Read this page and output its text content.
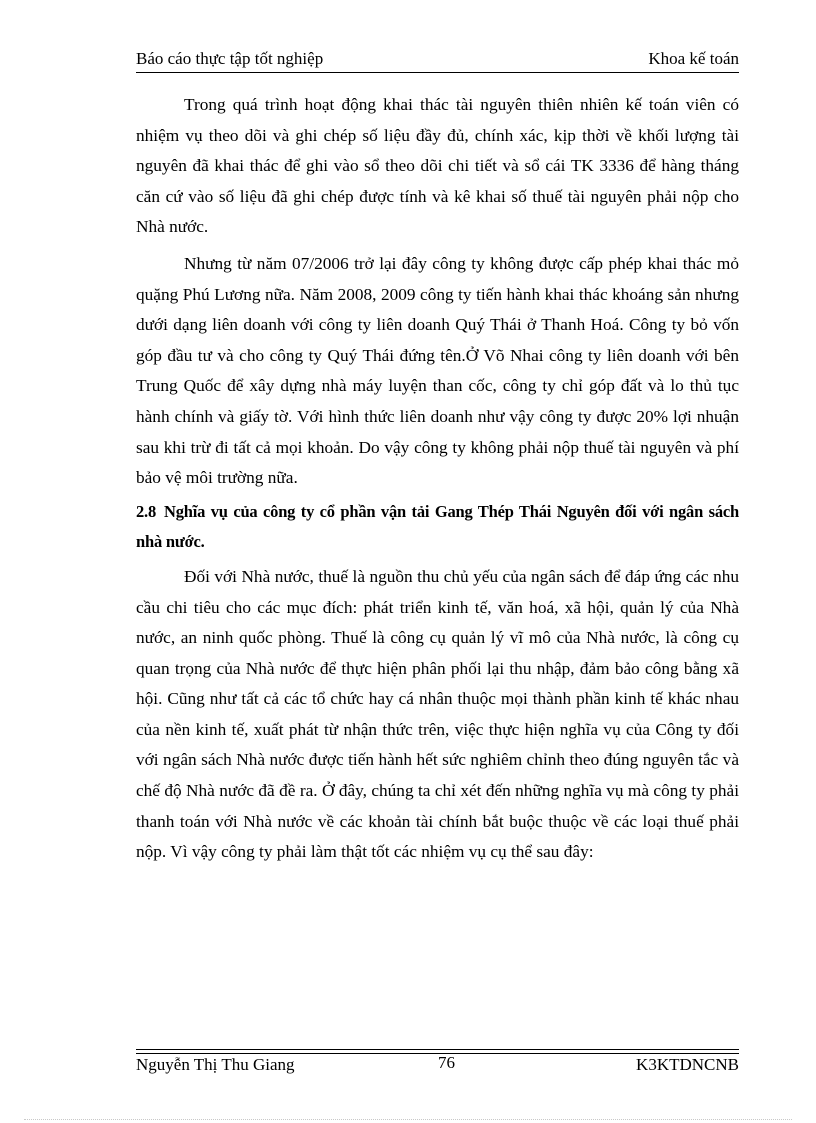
Báo cáo thực tập tốt nghiệp	Khoa kế toán

Trong quá trình hoạt động khai thác tài nguyên thiên nhiên kế toán viên có nhiệm vụ theo dõi và ghi chép số liệu đầy đủ, chính xác, kịp thời về khối lượng tài nguyên đã khai thác để ghi vào sổ theo dõi chi tiết và sổ cái TK 3336 để hàng tháng căn cứ vào số liệu đã ghi chép được tính và kê khai số thuế tài nguyên phải nộp cho Nhà nước.

Nhưng từ năm 07/2006 trở lại đây công ty không được cấp phép khai thác mỏ quặng Phú Lương nữa. Năm 2008, 2009 công ty tiến hành khai thác khoáng sản nhưng dưới dạng liên doanh với công ty liên doanh Quý Thái ở Thanh Hoá. Công ty bỏ vốn góp đầu tư và cho công ty Quý Thái đứng tên.Ở Võ Nhai công ty liên doanh với bên Trung Quốc để xây dựng nhà máy luyện than cốc, công ty chỉ góp đất và lo thủ tục hành chính và giấy tờ. Với hình thức liên doanh như vậy công ty được 20% lợi nhuận sau khi trừ đi tất cả mọi khoản. Do vậy công ty không phải nộp thuế tài nguyên và phí bảo vệ môi trường nữa.

2.8 Nghĩa vụ của công ty cổ phần vận tải Gang Thép Thái Nguyên đối với ngân sách nhà nước.

Đối với Nhà nước, thuế là nguồn thu chủ yếu của ngân sách để đáp ứng các nhu cầu chi tiêu cho các mục đích: phát triển kinh tế, văn hoá, xã hội, quản lý của Nhà nước, an ninh quốc phòng. Thuế là công cụ quản lý vĩ mô của Nhà nước, là công cụ quan trọng của Nhà nước để thực hiện phân phối lại thu nhập, đảm bảo công bằng xã hội. Cũng như tất cả các tổ chức hay cá nhân thuộc mọi thành phần kinh tế khác nhau của nền kinh tế, xuất phát từ nhận thức trên, việc thực hiện nghĩa vụ của Công ty đối với ngân sách Nhà nước được tiến hành hết sức nghiêm chỉnh theo đúng nguyên tắc và chế độ Nhà nước đã đề ra. Ở đây, chúng ta chỉ xét đến những nghĩa vụ mà công ty phải thanh toán với Nhà nước về các khoản tài chính bắt buộc thuộc về các loại thuế phải nộp. Vì vậy công ty phải làm thật tốt các nhiệm vụ cụ thể sau đây:

Nguyễn Thị Thu Giang	76	K3KTDNCNB
